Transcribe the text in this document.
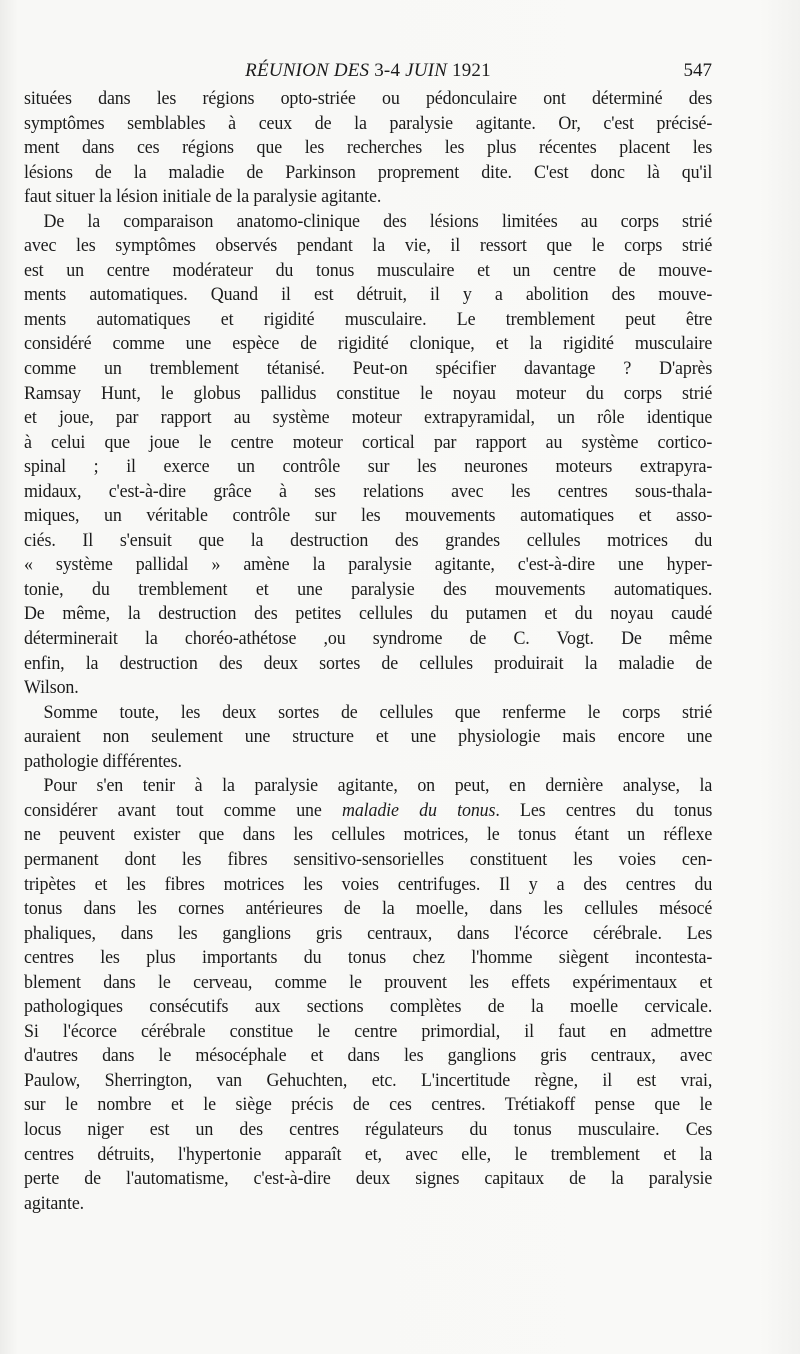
RÉUNION DES 3-4 JUIN 1921	547
situées dans les régions opto-striée ou pédonculaire ont déterminé des
symptômes semblables à ceux de la paralysie agitante. Or, c'est précisé-
ment dans ces régions que les recherches les plus récentes placent les
lésions de la maladie de Parkinson proprement dite. C'est donc là qu'il
faut situer la lésion initiale de la paralysie agitante.
De la comparaison anatomo-clinique des lésions limitées au corps strié
avec les symptômes observés pendant la vie, il ressort que le corps strié
est un centre modérateur du tonus musculaire et un centre de mouve-
ments automatiques. Quand il est détruit, il y a abolition des mouve-
ments automatiques et rigidité musculaire. Le tremblement peut être
considéré comme une espèce de rigidité clonique, et la rigidité musculaire
comme un tremblement tétanisé. Peut-on spécifier davantage ? D'après
Ramsay Hunt, le globus pallidus constitue le noyau moteur du corps strié
et joue, par rapport au système moteur extrapyramidal, un rôle identique
à celui que joue le centre moteur cortical par rapport au système cortico-
spinal ; il exerce un contrôle sur les neurones moteurs extrapyra-
midaux, c'est-à-dire grâce à ses relations avec les centres sous-thala-
miques, un véritable contrôle sur les mouvements automatiques et asso-
ciés. Il s'ensuit que la destruction des grandes cellules motrices du
« système pallidal » amène la paralysie agitante, c'est-à-dire une hyper-
tonie, du tremblement et une paralysie des mouvements automatiques.
De même, la destruction des petites cellules du putamen et du noyau caudé
déterminerait la choréo-athétose ,ou syndrome de C. Vogt. De même
enfin, la destruction des deux sortes de cellules produirait la maladie de
Wilson.
Somme toute, les deux sortes de cellules que renferme le corps strié
auraient non seulement une structure et une physiologie mais encore une
pathologie différentes.
Pour s'en tenir à la paralysie agitante, on peut, en dernière analyse, la
considérer avant tout comme une maladie du tonus. Les centres du tonus
ne peuvent exister que dans les cellules motrices, le tonus étant un réflexe
permanent dont les fibres sensitivo-sensorielles constituent les voies cen-
tripètes et les fibres motrices les voies centrifuges. Il y a des centres du
tonus dans les cornes antérieures de la moelle, dans les cellules mésocé
phaliques, dans les ganglions gris centraux, dans l'écorce cérébrale. Les
centres les plus importants du tonus chez l'homme siègent incontesta-
blement dans le cerveau, comme le prouvent les effets expérimentaux et
pathologiques consécutifs aux sections complètes de la moelle cervicale.
Si l'écorce cérébrale constitue le centre primordial, il faut en admettre
d'autres dans le mésocéphale et dans les ganglions gris centraux, avec
Paulow, Sherrington, van Gehuchten, etc. L'incertitude règne, il est vrai,
sur le nombre et le siège précis de ces centres. Trétiakoff pense que le
locus niger est un des centres régulateurs du tonus musculaire. Ces
centres détruits, l'hypertonie apparaît et, avec elle, le tremblement et la
perte de l'automatisme, c'est-à-dire deux signes capitaux de la paralysie
agitante.
